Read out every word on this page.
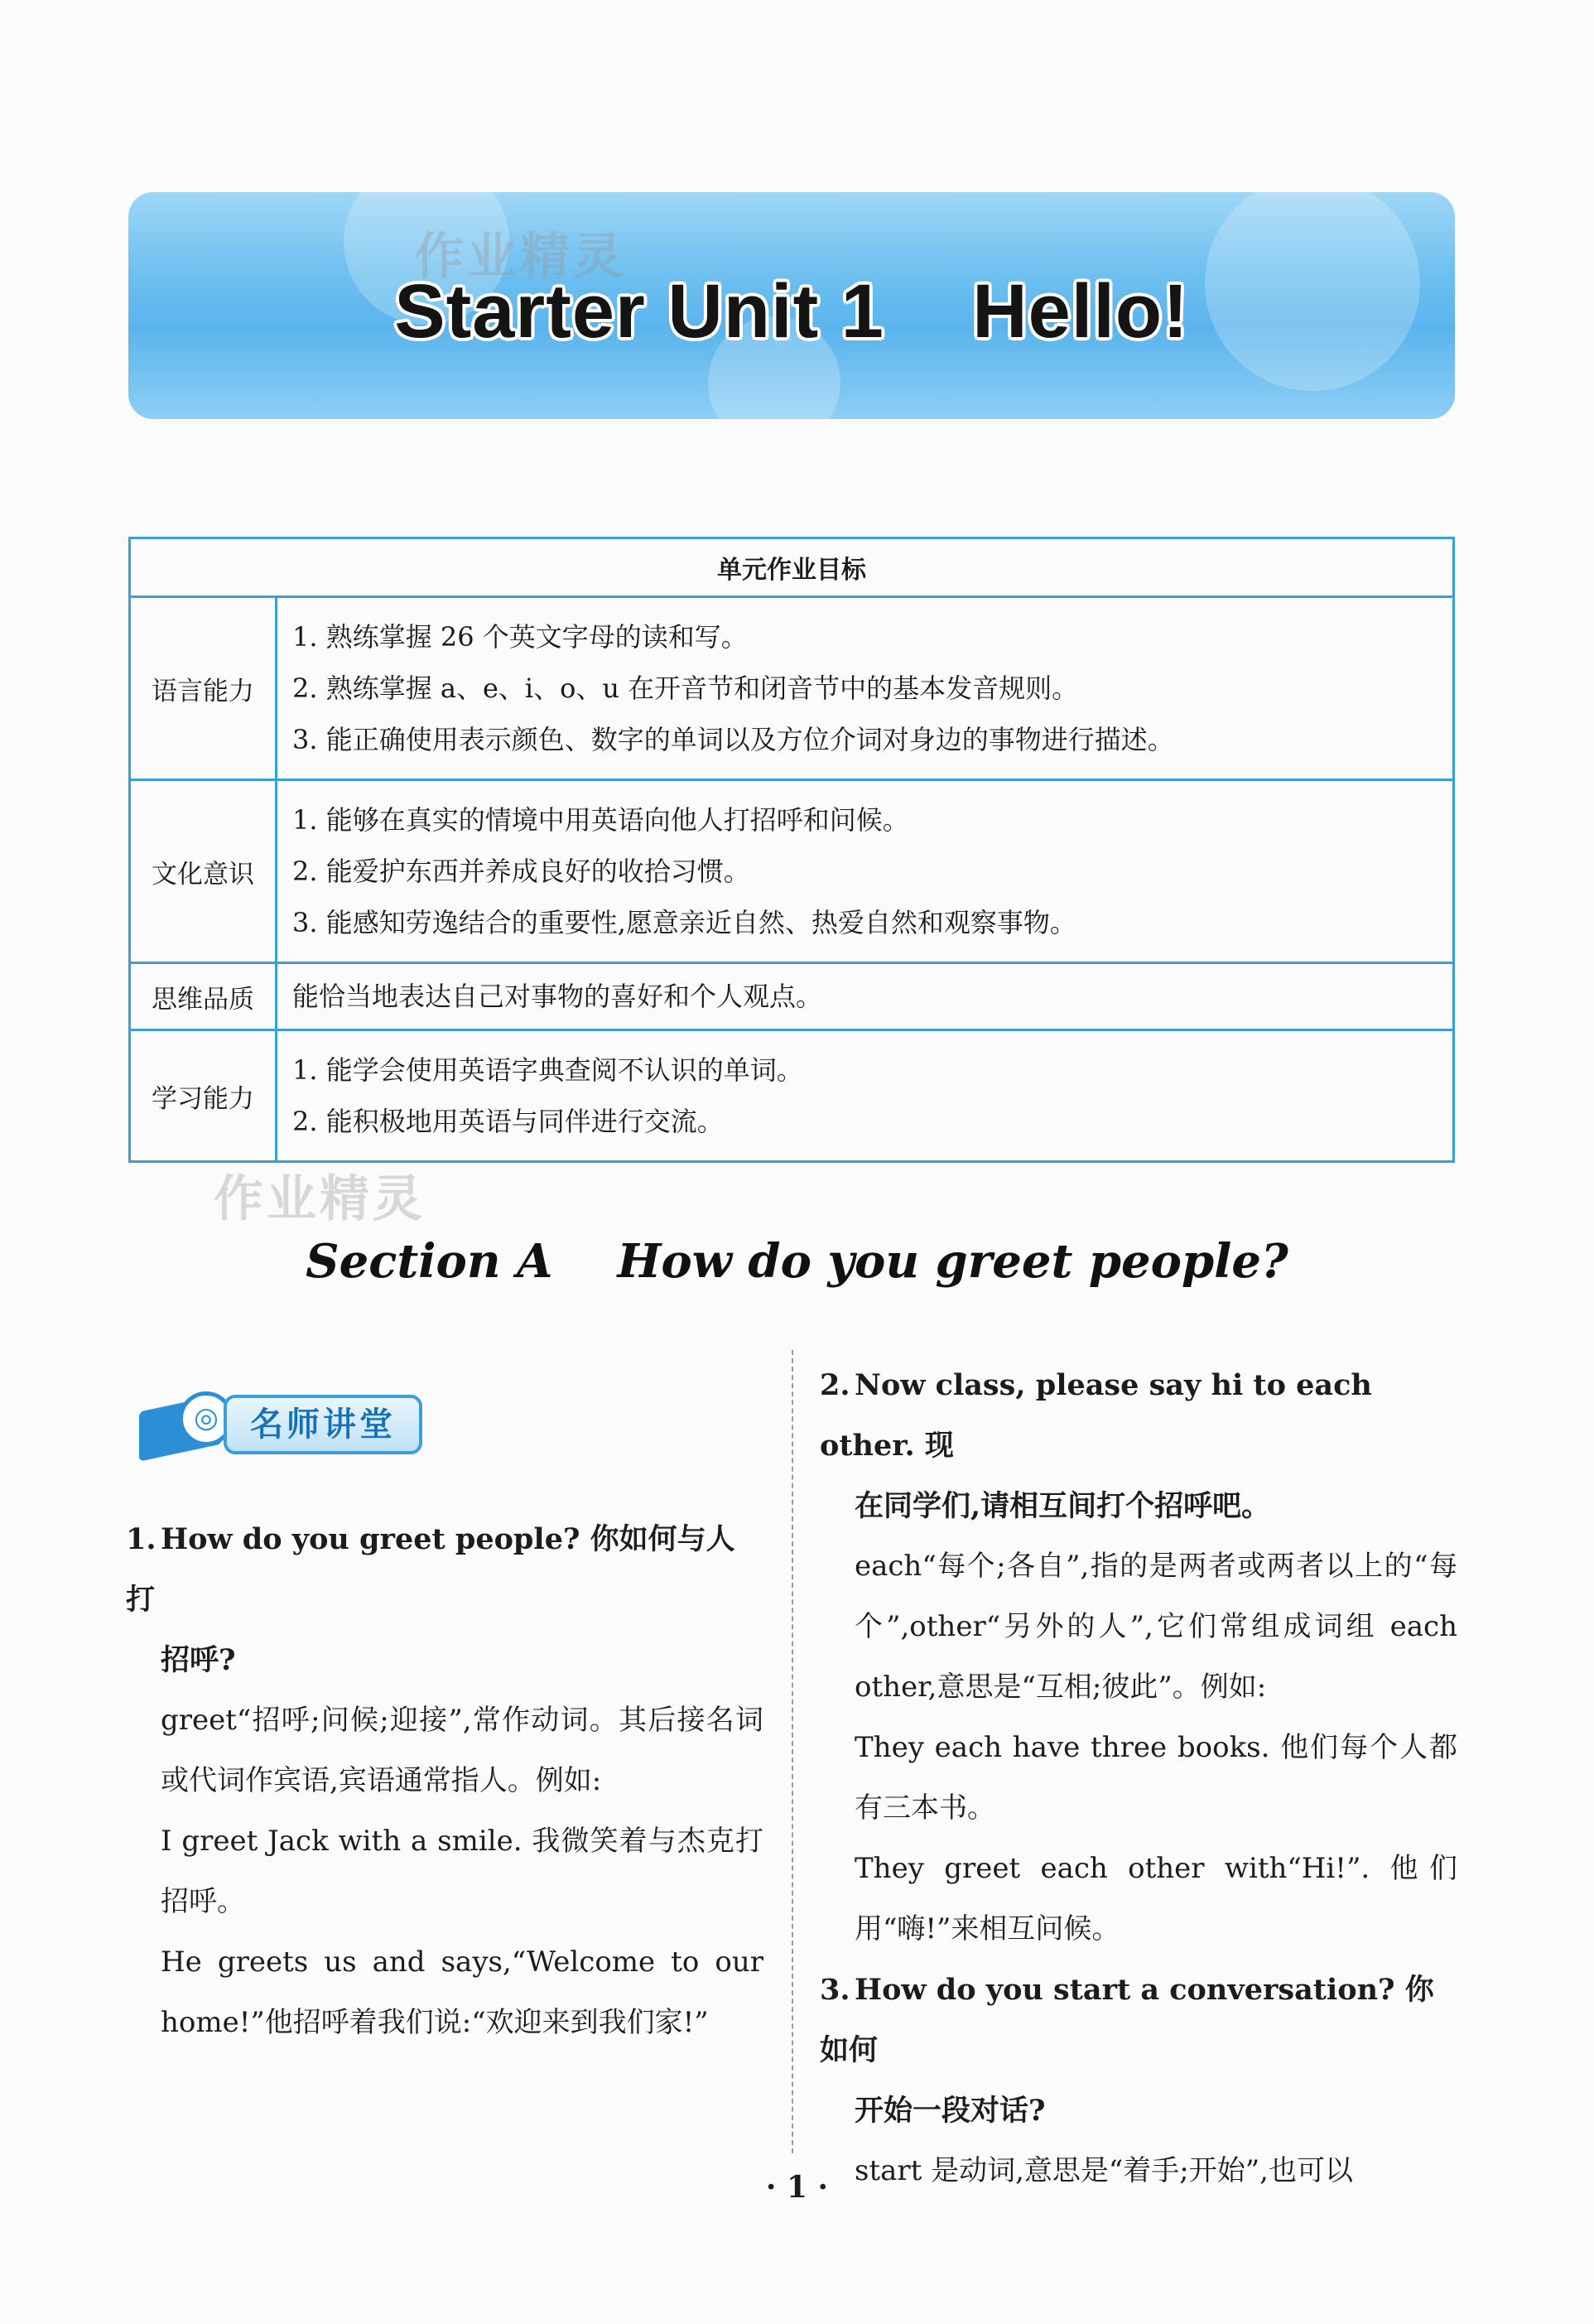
Starter Unit 1    Hello!
作业精灵
作业精灵
单元作业目标	
语言能力	1. 熟练掌握 26 个英文字母的读和写。
2. 熟练掌握 a、e、i、o、u 在开音节和闭音节中的基本发音规则。
3. 能正确使用表示颜色、数字的单词以及方位介词对身边的事物进行描述。

文化意识	1. 能够在真实的情境中用英语向他人打招呼和问候。
2. 能爱护东西并养成良好的收拾习惯。
3. 能感知劳逸结合的重要性,愿意亲近自然、热爱自然和观察事物。

思维品质	能恰当地表达自己对事物的喜好和个人观点。

学习能力	1. 能学会使用英语字典查阅不认识的单词。
2. 能积极地用英语与同伴进行交流。
Section A    How do you greet people?
◎ 名师讲堂
1. How do you greet people? 你如何与人打
招呼?
greet“招呼;问候;迎接”,常作动词。其后接名词或代词作宾语,宾语通常指人。例如:
I greet Jack with a smile. 我微笑着与杰克打招呼。
He greets us and says,“Welcome to our home!”他招呼着我们说:“欢迎来到我们家!”
2. Now class, please say hi to each other. 现
在同学们,请相互间打个招呼吧。
each“每个;各自”,指的是两者或两者以上的“每个”,other“另外的人”,它们常组成词组 each other,意思是“互相;彼此”。例如:
They each have three books. 他们每个人都有三本书。
They greet each other with“Hi!”. 他们用“嗨!”来相互问候。
3. How do you start a conversation? 你如何
开始一段对话?
start 是动词,意思是“着手;开始”,也可以
· 1 ·
